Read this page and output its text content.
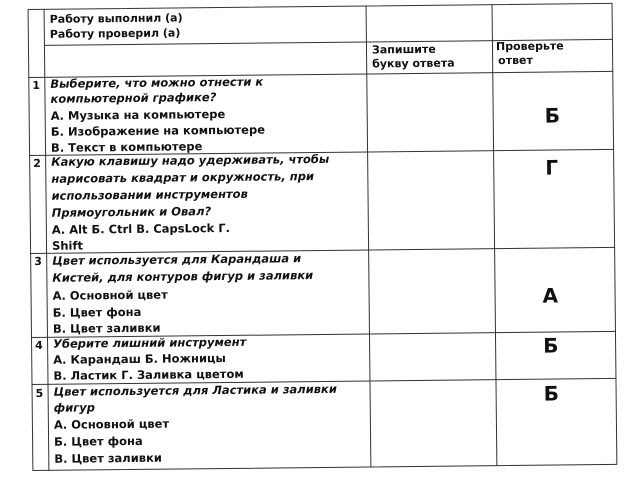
Работу выполнил (а)
Работу проверил (а)
Запишите
букву ответа
Проверьте
ответ
1 Выберите, что можно отнести к
компьютерной графике?
А. Музыка на компьютере
Б. Изображение на компьютере
В. Текст в компьютере
Б
2 Какую клавишу надо удерживать, чтобы
нарисовать квадрат и окружность, при
использовании инструментов
Прямоугольник и Овал?
А. Alt Б. Ctrl В. CapsLock Г.
Shift
Г
3 Цвет используется для Карандаша и
Кистей, для контуров фигур и заливки
А. Основной цвет
Б. Цвет фона
В. Цвет заливки
А
4 Уберите лишний инструмент
А. Карандаш Б. Ножницы
В. Ластик Г. Заливка цветом
Б
5 Цвет используется для Ластика и заливки
фигур
А. Основной цвет
Б. Цвет фона
В. Цвет заливки
Б
